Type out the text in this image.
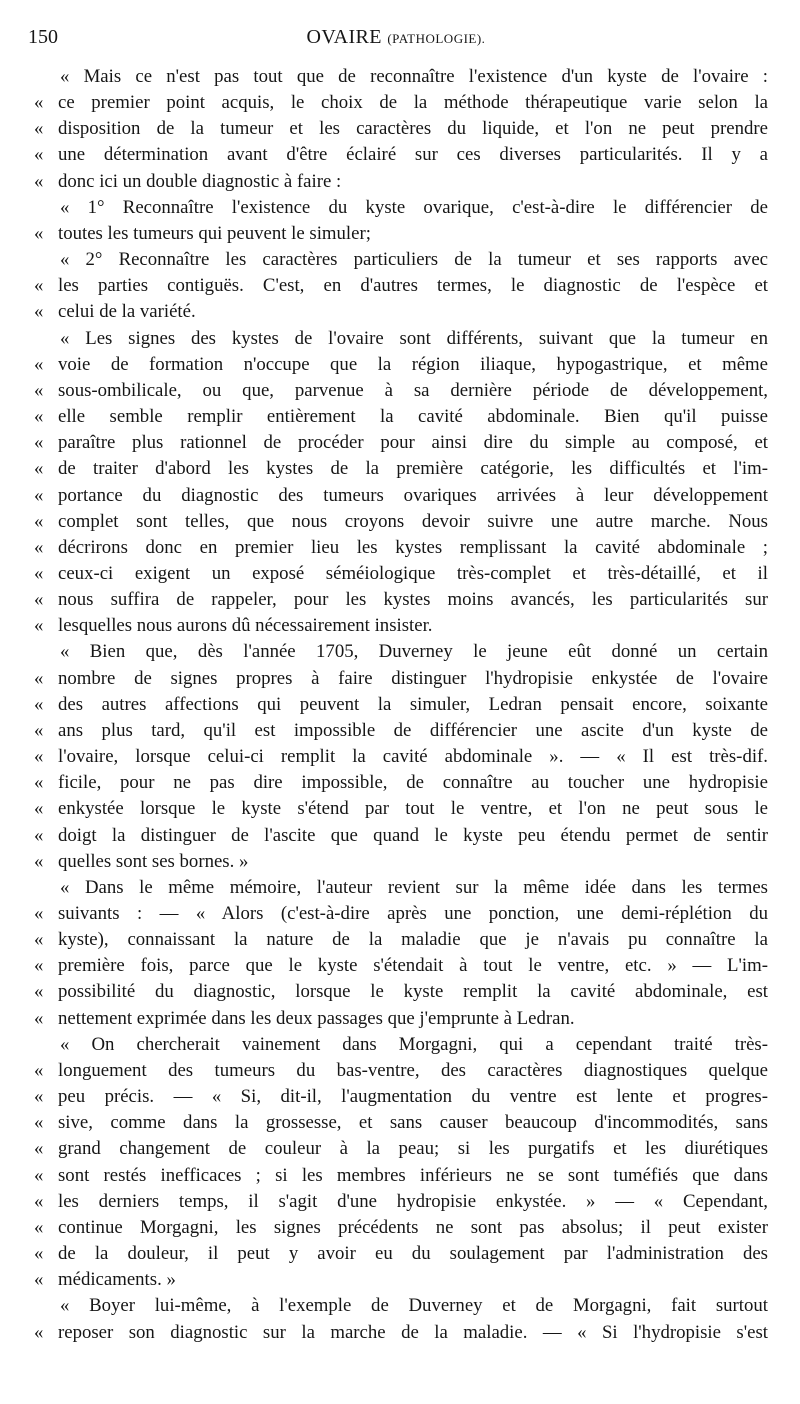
150	OVAIRE (PATHOLOGIE).
« Mais ce n'est pas tout que de reconnaître l'existence d'un kyste de l'ovaire :
« ce premier point acquis, le choix de la méthode thérapeutique varie selon la
« disposition de la tumeur et les caractères du liquide, et l'on ne peut prendre
« une détermination avant d'être éclairé sur ces diverses particularités. Il y a
« donc ici un double diagnostic à faire :
« 1° Reconnaître l'existence du kyste ovarique, c'est-à-dire le différencier de
« toutes les tumeurs qui peuvent le simuler;
« 2° Reconnaître les caractères particuliers de la tumeur et ses rapports avec
« les parties contiguës. C'est, en d'autres termes, le diagnostic de l'espèce et
« celui de la variété.
« Les signes des kystes de l'ovaire sont différents, suivant que la tumeur en
« voie de formation n'occupe que la région iliaque, hypogastrique, et même
« sous-ombilicale, ou que, parvenue à sa dernière période de développement,
« elle semble remplir entièrement la cavité abdominale. Bien qu'il puisse
« paraître plus rationnel de procéder pour ainsi dire du simple au composé, et
« de traiter d'abord les kystes de la première catégorie, les difficultés et l'im-
« portance du diagnostic des tumeurs ovariques arrivées à leur développement
« complet sont telles, que nous croyons devoir suivre une autre marche. Nous
« décrirons donc en premier lieu les kystes remplissant la cavité abdominale ;
« ceux-ci exigent un exposé séméiologique très-complet et très-détaillé, et il
« nous suffira de rappeler, pour les kystes moins avancés, les particularités sur
« lesquelles nous aurons dû nécessairement insister.
« Bien que, dès l'année 1705, Duverney le jeune eût donné un certain
« nombre de signes propres à faire distinguer l'hydropisie enkystée de l'ovaire
« des autres affections qui peuvent la simuler, Ledran pensait encore, soixante
« ans plus tard, qu'il est impossible de différencier une ascite d'un kyste de
« l'ovaire, lorsque celui-ci remplit la cavité abdominale ». — « Il est très-dif.
« ficile, pour ne pas dire impossible, de connaître au toucher une hydropisie
« enkystée lorsque le kyste s'étend par tout le ventre, et l'on ne peut sous le
« doigt la distinguer de l'ascite que quand le kyste peu étendu permet de sentir
« quelles sont ses bornes. »
« Dans le même mémoire, l'auteur revient sur la même idée dans les termes
« suivants : — « Alors (c'est-à-dire après une ponction, une demi-réplétion du
« kyste), connaissant la nature de la maladie que je n'avais pu connaître la
« première fois, parce que le kyste s'étendait à tout le ventre, etc. » — L'im-
« possibilité du diagnostic, lorsque le kyste remplit la cavité abdominale, est
« nettement exprimée dans les deux passages que j'emprunte à Ledran.
« On chercherait vainement dans Morgagni, qui a cependant traité très-
« longuement des tumeurs du bas-ventre, des caractères diagnostiques quelque
« peu précis. — « Si, dit-il, l'augmentation du ventre est lente et progres-
« sive, comme dans la grossesse, et sans causer beaucoup d'incommodités, sans
« grand changement de couleur à la peau; si les purgatifs et les diurétiques
« sont restés inefficaces ; si les membres inférieurs ne se sont tuméfiés que dans
« les derniers temps, il s'agit d'une hydropisie enkystée. » — « Cependant,
« continue Morgagni, les signes précédents ne sont pas absolus; il peut exister
« de la douleur, il peut y avoir eu du soulagement par l'administration des
« médicaments. »
« Boyer lui-même, à l'exemple de Duverney et de Morgagni, fait surtout
« reposer son diagnostic sur la marche de la maladie. — « Si l'hydropisie s'est
